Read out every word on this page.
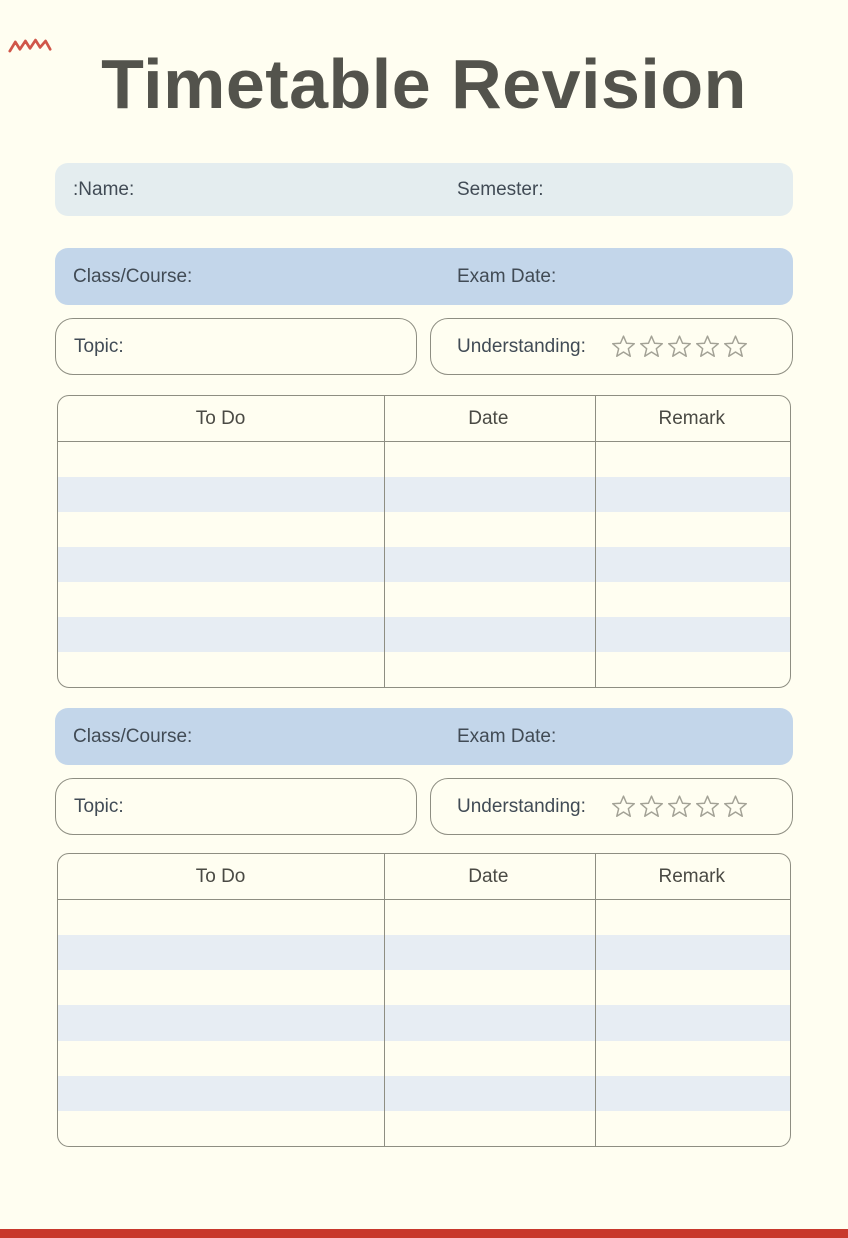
Timetable Revision
:Name:	Semester:
Class/Course:	Exam Date:
Topic:	Understanding:
To Do	Date	Remark
Class/Course:	Exam Date:
Topic:	Understanding:
To Do	Date	Remark
